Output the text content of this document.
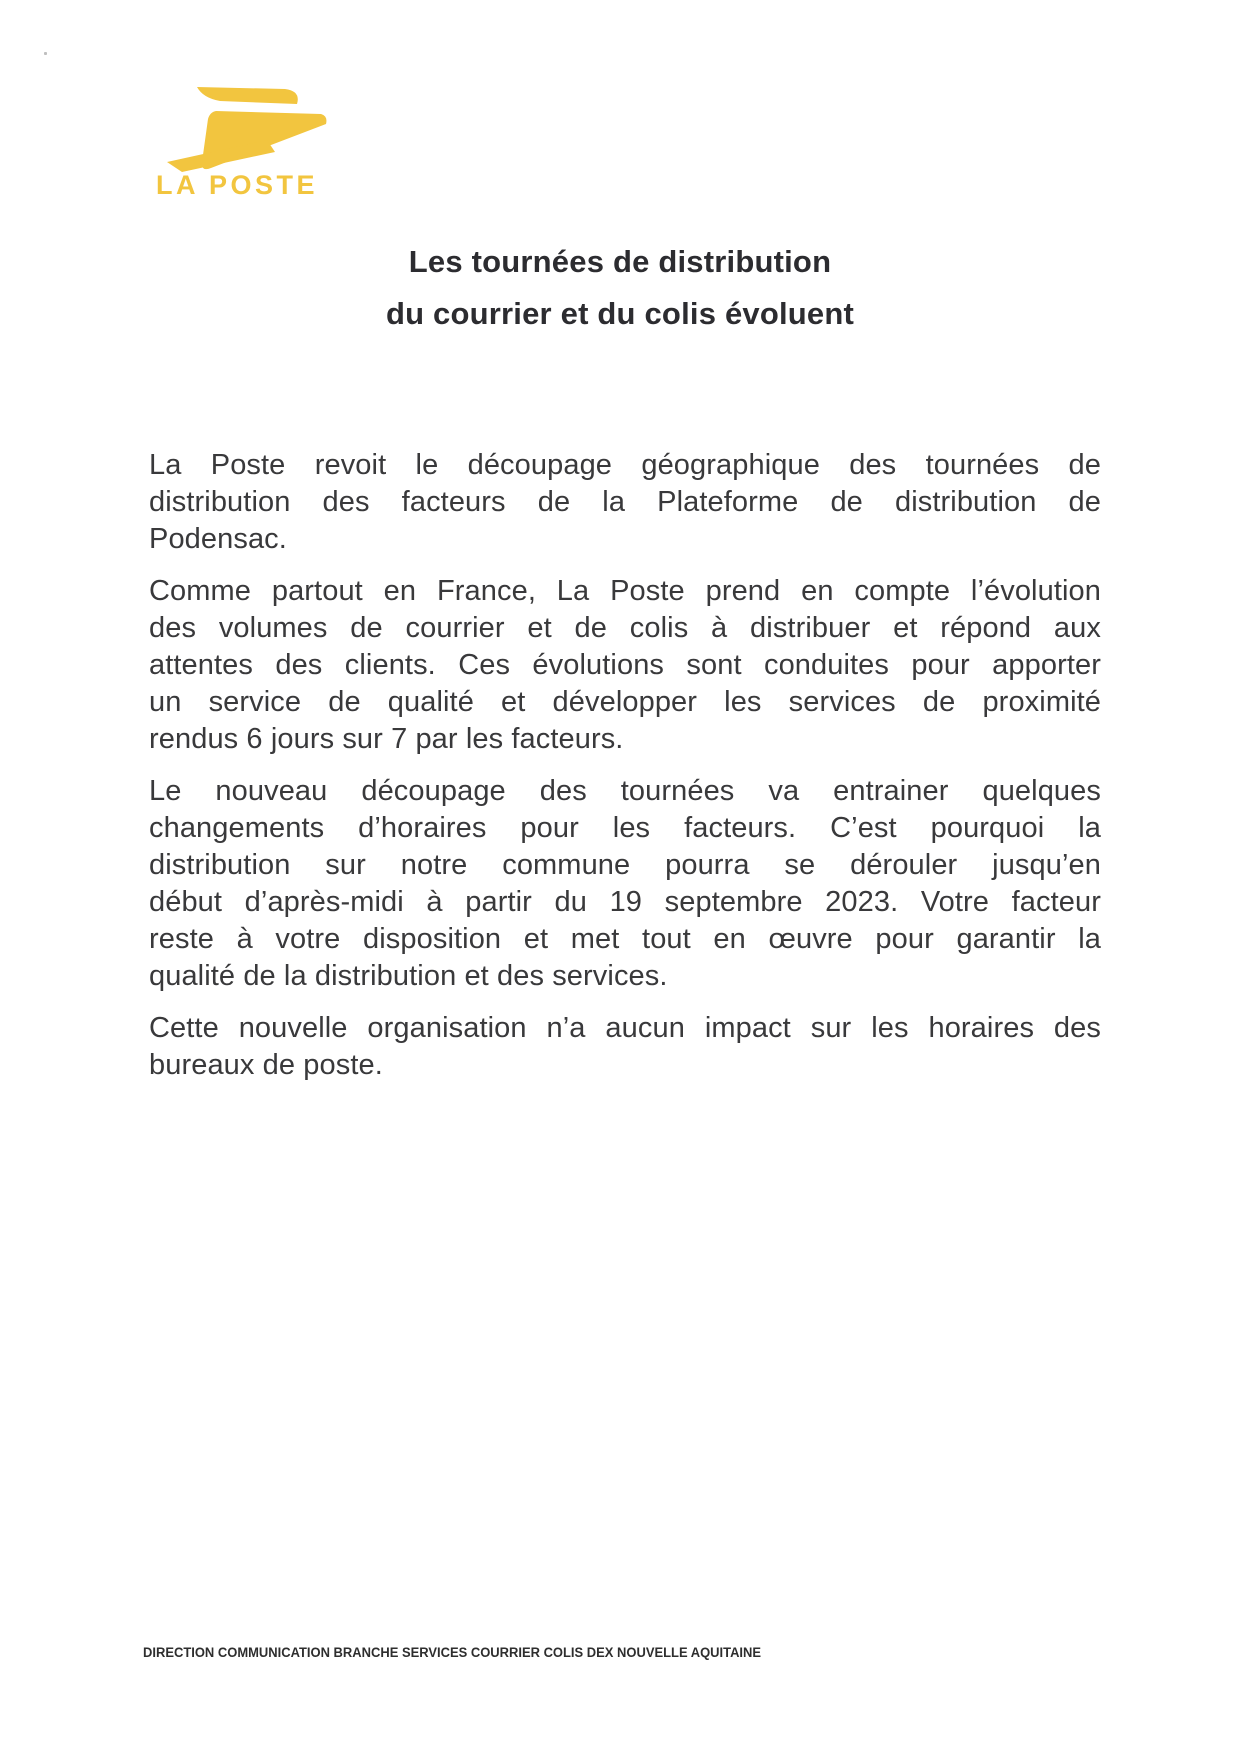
LA POSTE
Les tournées de distribution
du courrier et du colis évoluent
La Poste revoit le découpage géographique des tournées de
distribution des facteurs de la Plateforme de distribution de
Podensac.
Comme partout en France, La Poste prend en compte l’évolution
des volumes de courrier et de colis à distribuer et répond aux
attentes des clients. Ces évolutions sont conduites pour apporter
un service de qualité et développer les services de proximité
rendus 6 jours sur 7 par les facteurs.
Le nouveau découpage des tournées va entrainer quelques
changements d’horaires pour les facteurs. C’est pourquoi la
distribution sur notre commune pourra se dérouler jusqu’en
début d’après-midi à partir du 19 septembre 2023. Votre facteur
reste à votre disposition et met tout en œuvre pour garantir la
qualité de la distribution et des services.
Cette nouvelle organisation n’a aucun impact sur les horaires des
bureaux de poste.
DIRECTION COMMUNICATION BRANCHE SERVICES COURRIER COLIS DEX NOUVELLE AQUITAINE
